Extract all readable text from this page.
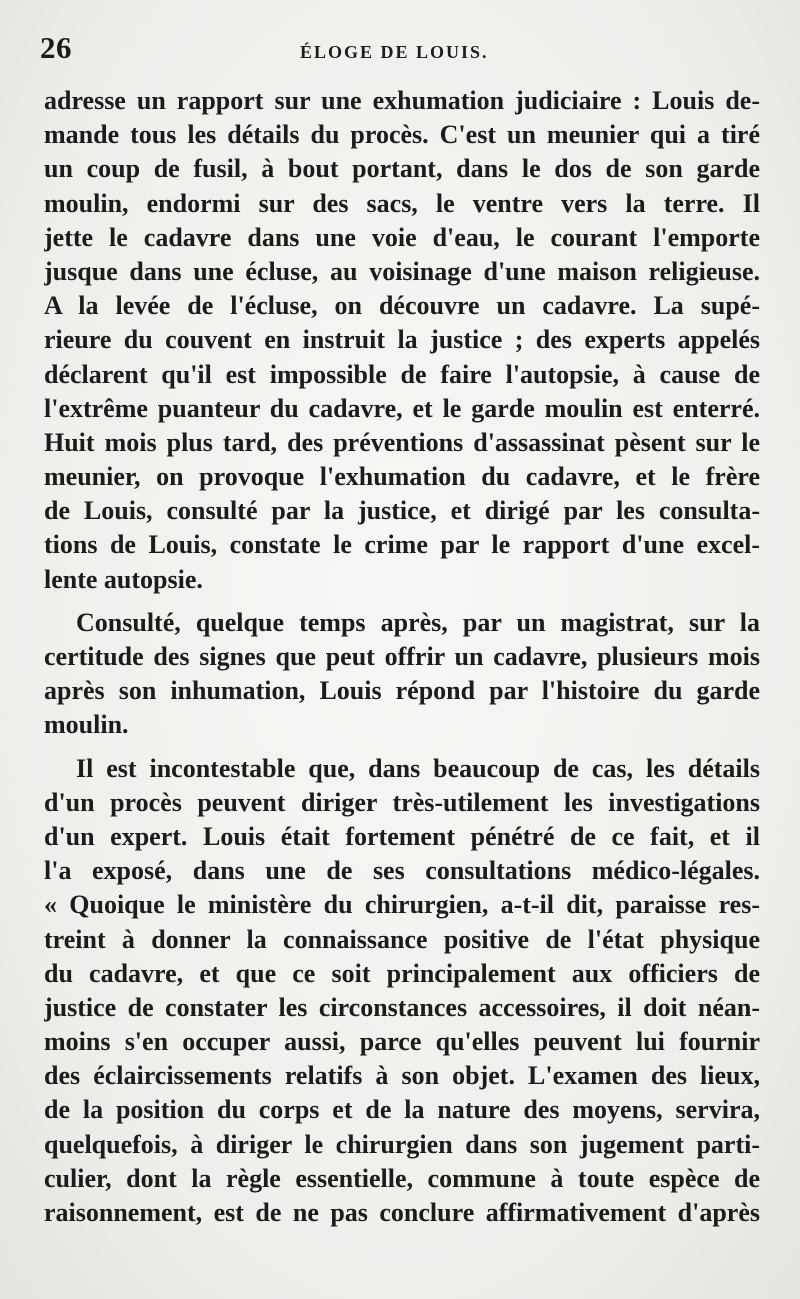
26	ÉLOGE DE LOUIS.
adresse un rapport sur une exhumation judiciaire : Louis de-
mande tous les détails du procès. C'est un meunier qui a tiré
un coup de fusil, à bout portant, dans le dos de son garde
moulin, endormi sur des sacs, le ventre vers la terre. Il
jette le cadavre dans une voie d'eau, le courant l'emporte
jusque dans une écluse, au voisinage d'une maison religieuse.
A la levée de l'écluse, on découvre un cadavre. La supé-
rieure du couvent en instruit la justice ; des experts appelés
déclarent qu'il est impossible de faire l'autopsie, à cause de
l'extrême puanteur du cadavre, et le garde moulin est enterré.
Huit mois plus tard, des préventions d'assassinat pèsent sur le
meunier, on provoque l'exhumation du cadavre, et le frère
de Louis, consulté par la justice, et dirigé par les consulta-
tions de Louis, constate le crime par le rapport d'une excel-
lente autopsie.
Consulté, quelque temps après, par un magistrat, sur la
certitude des signes que peut offrir un cadavre, plusieurs mois
après son inhumation, Louis répond par l'histoire du garde
moulin.
Il est incontestable que, dans beaucoup de cas, les détails
d'un procès peuvent diriger très-utilement les investigations
d'un expert. Louis était fortement pénétré de ce fait, et il
l'a exposé, dans une de ses consultations médico-légales.
« Quoique le ministère du chirurgien, a-t-il dit, paraisse res-
treint à donner la connaissance positive de l'état physique
du cadavre, et que ce soit principalement aux officiers de
justice de constater les circonstances accessoires, il doit néan-
moins s'en occuper aussi, parce qu'elles peuvent lui fournir
des éclaircissements relatifs à son objet. L'examen des lieux,
de la position du corps et de la nature des moyens, servira,
quelquefois, à diriger le chirurgien dans son jugement parti-
culier, dont la règle essentielle, commune à toute espèce de
raisonnement, est de ne pas conclure affirmativement d'après
